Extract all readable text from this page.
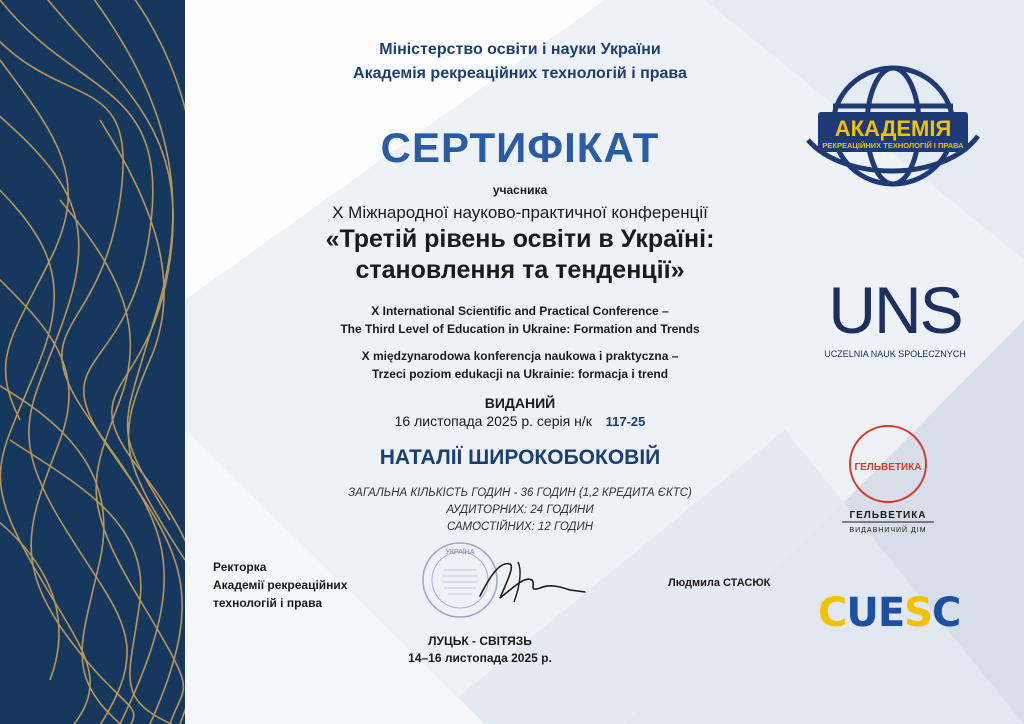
Міністерство освіти і науки України
Академія рекреаційних технологій і права
СЕРТИФІКАТ
учасника
X Міжнародної науково-практичної конференції
«Третій рівень освіти в Україні:
становлення та тенденції»
X International Scientific and Practical Conference –
The Third Level of Education in Ukraine: Formation and Trends
X międzynarodowa konferencja naukowa i praktyczna –
Trzeci poziom edukacji na Ukrainie: formacja i trend
ВИДАНИЙ
16 листопада 2025 р. серія н/к 117-25
НАТАЛІЇ ШИРОКОБОКОВІЙ
ЗАГАЛЬНА КІЛЬКІСТЬ ГОДИН - 36 ГОДИН (1,2 КРЕДИТА ЄКТС)
АУДИТОРНИХ: 24 ГОДИНИ
САМОСТІЙНИХ: 12 ГОДИН
УКРАЇНА
Ректорка
Академії рекреаційних
технологій і права
Людмила СТАСЮК
ЛУЦЬК - СВІТЯЗЬ
14–16 листопада 2025 р.
АКАДЕМІЯ
РЕКРЕАЦІЙНИХ ТЕХНОЛОГІЙ І ПРАВА
UNS
UCZELNIA NAUK SPOŁECZNYCH
ГЕЛЬВЕТИКА
ГЕЛЬВЕТИКА
ВИДАВНИЧИЙ ДІМ
CUESC
